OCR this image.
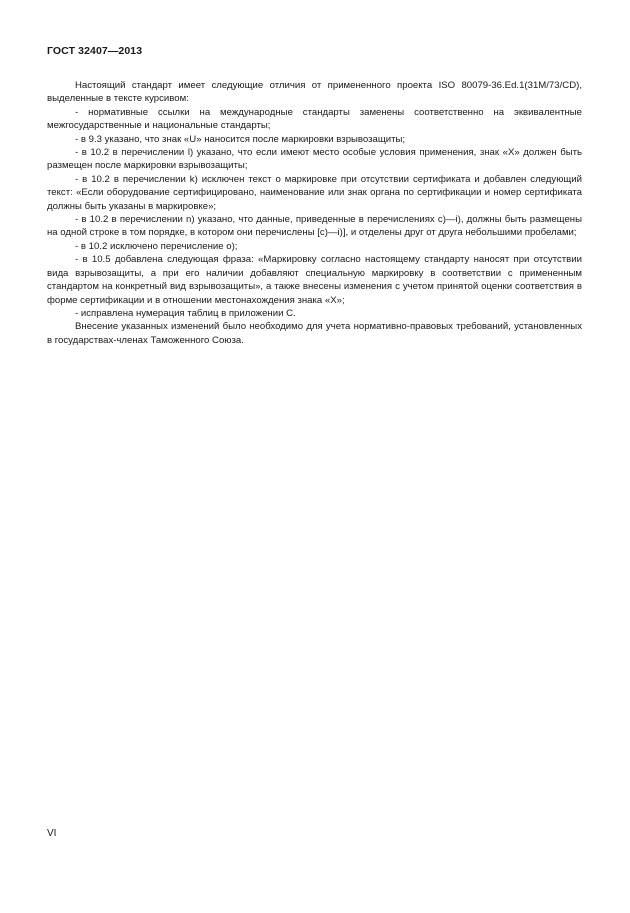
ГОСТ 32407—2013

Настоящий стандарт имеет следующие отличия от примененного проекта ISO 80079-36.Ed.1(31M/73/CD), выделенные в тексте курсивом:

- нормативные ссылки на международные стандарты заменены соответственно на эквивалентные межгосударственные и национальные стандарты;

- в 9.3 указано, что знак «U» наносится после маркировки взрывозащиты;

- в 10.2 в перечислении l) указано, что если имеют место особые условия применения, знак «X» должен быть размещен после маркировки взрывозащиты;

- в 10.2 в перечислении k) исключен текст о маркировке при отсутствии сертификата и добавлен следующий текст: «Если оборудование сертифицировано, наименование или знак органа по сертификации и номер сертификата должны быть указаны в маркировке»;

- в 10.2 в перечислении n) указано, что данные, приведенные в перечислениях c)—i), должны быть размещены на одной строке в том порядке, в котором они перечислены [c)—i)], и отделены друг от друга небольшими пробелами;

- в 10.2 исключено перечисление o);

- в 10.5 добавлена следующая фраза: «Маркировку согласно настоящему стандарту наносят при отсутствии вида взрывозащиты, а при его наличии добавляют специальную маркировку в соответствии с примененным стандартом на конкретный вид взрывозащиты», а также внесены изменения с учетом принятой оценки соответствия в форме сертификации и в отношении местонахождения знака «X»;

- исправлена нумерация таблиц в приложении С.

Внесение указанных изменений было необходимо для учета нормативно-правовых требований, установленных в государствах-членах Таможенного Союза.

VI
